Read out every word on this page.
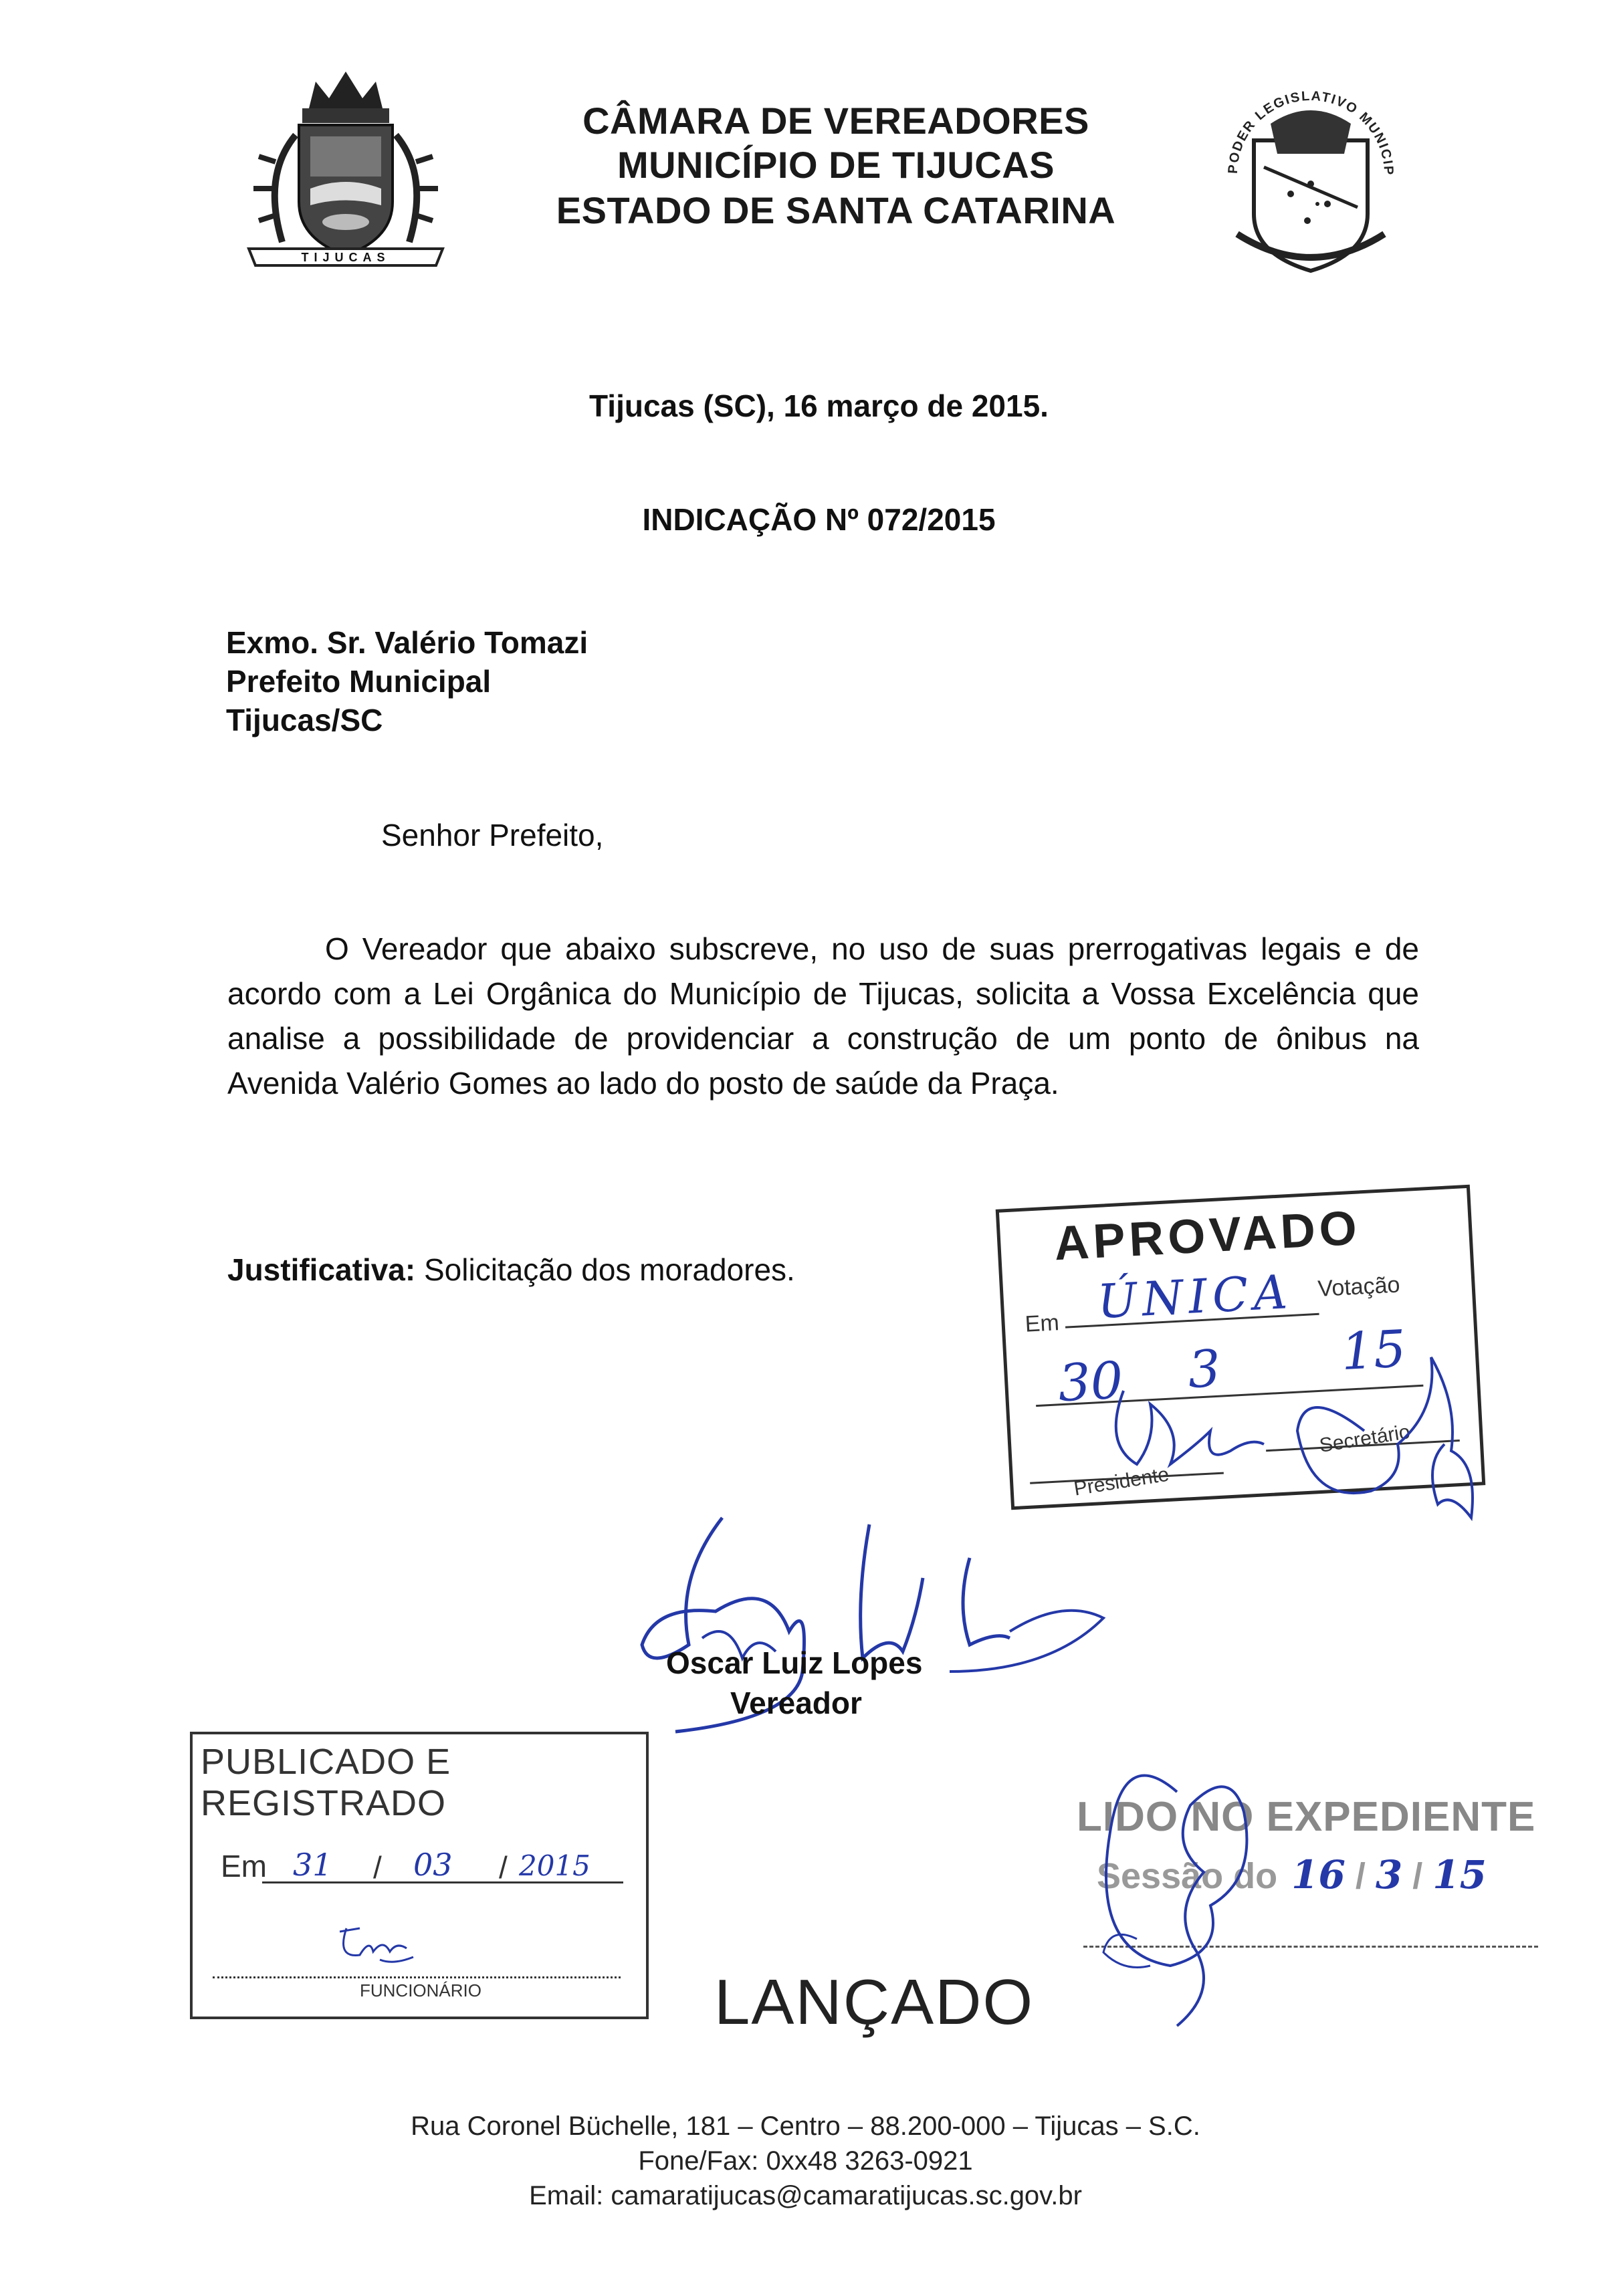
TIJUCAS
CÂMARA DE VEREADORES
MUNICÍPIO DE TIJUCAS
ESTADO DE SANTA CATARINA
PODER LEGISLATIVO MUNICIPAL
Tijucas (SC), 16 março de 2015.
INDICAÇÃO Nº 072/2015
Exmo. Sr. Valério Tomazi
Prefeito Municipal
Tijucas/SC
Senhor Prefeito,
O Vereador que abaixo subscreve, no uso de suas prerrogativas legais e de acordo com a Lei Orgânica do Município de Tijucas, solicita a Vossa Excelência que analise a possibilidade de providenciar a construção de um ponto de ônibus na Avenida Valério Gomes ao lado do posto de saúde da Praça.
Justificativa: Solicitação dos moradores.	APROVADO
Em ÚNICA Votação
30 3 15
Presidente
Secretário
Oscar Luiz Lopes
Vereador
PUBLICADO E REGISTRADO
Em 31 / 03 / 2015
FUNCIONÁRIO	LANÇADO
LIDO NO EXPEDIENTE
Sessão do 16 / 3 / 15
Rua Coronel Büchelle, 181 – Centro – 88.200-000 – Tijucas – S.C.
Fone/Fax: 0xx48 3263-0921
Email: camaratijucas@camaratijucas.sc.gov.br
